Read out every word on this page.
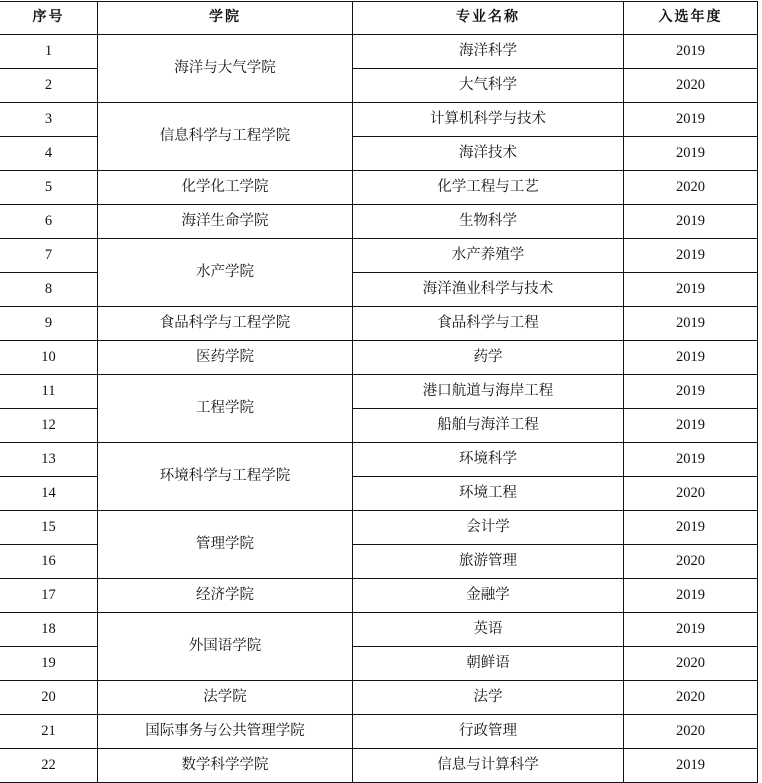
序号	学院	专业名称	入选年度
1	海洋与大气学院	海洋科学	2019
2		大气科学	2020
3	信息科学与工程学院	计算机科学与技术	2019
4		海洋技术	2019
5	化学化工学院	化学工程与工艺	2020
6	海洋生命学院	生物科学	2019
7	水产学院	水产养殖学	2019
8		海洋渔业科学与技术	2019
9	食品科学与工程学院	食品科学与工程	2019
10	医药学院	药学	2019
11	工程学院	港口航道与海岸工程	2019
12		船舶与海洋工程	2019
13	环境科学与工程学院	环境科学	2019
14		环境工程	2020
15	管理学院	会计学	2019
16		旅游管理	2020
17	经济学院	金融学	2019
18	外国语学院	英语	2019
19		朝鲜语	2020
20	法学院	法学	2020
21	国际事务与公共管理学院	行政管理	2020
22	数学科学学院	信息与计算科学	2019
